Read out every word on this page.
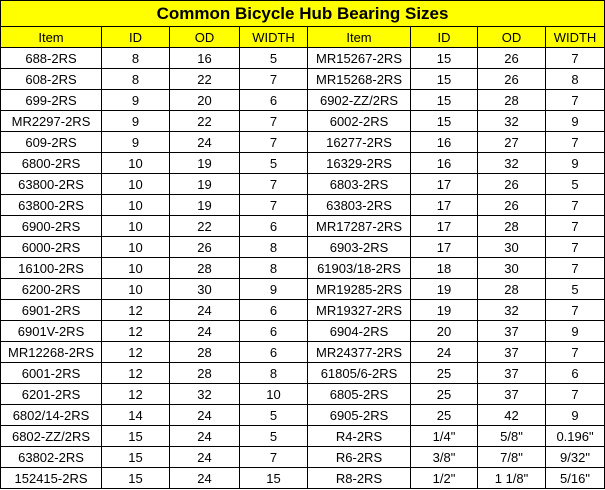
Common Bicycle Hub Bearing Sizes							
Item	ID	OD	WIDTH	Item	ID	OD	WIDTH
688-2RS	8	16	5	MR15267-2RS	15	26	7
608-2RS	8	22	7	MR15268-2RS	15	26	8
699-2RS	9	20	6	6902-ZZ/2RS	15	28	7
MR2297-2RS	9	22	7	6002-2RS	15	32	9
609-2RS	9	24	7	16277-2RS	16	27	7
6800-2RS	10	19	5	16329-2RS	16	32	9
63800-2RS	10	19	7	6803-2RS	17	26	5
63800-2RS	10	19	7	63803-2RS	17	26	7
6900-2RS	10	22	6	MR17287-2RS	17	28	7
6000-2RS	10	26	8	6903-2RS	17	30	7
16100-2RS	10	28	8	61903/18-2RS	18	30	7
6200-2RS	10	30	9	MR19285-2RS	19	28	5
6901-2RS	12	24	6	MR19327-2RS	19	32	7
6901V-2RS	12	24	6	6904-2RS	20	37	9
MR12268-2RS	12	28	6	MR24377-2RS	24	37	7
6001-2RS	12	28	8	61805/6-2RS	25	37	6
6201-2RS	12	32	10	6805-2RS	25	37	7
6802/14-2RS	14	24	5	6905-2RS	25	42	9
6802-ZZ/2RS	15	24	5	R4-2RS	1/4"	5/8"	0.196"
63802-2RS	15	24	7	R6-2RS	3/8"	7/8"	9/32"
152415-2RS	15	24	15	R8-2RS	1/2"	1 1/8"	5/16"
